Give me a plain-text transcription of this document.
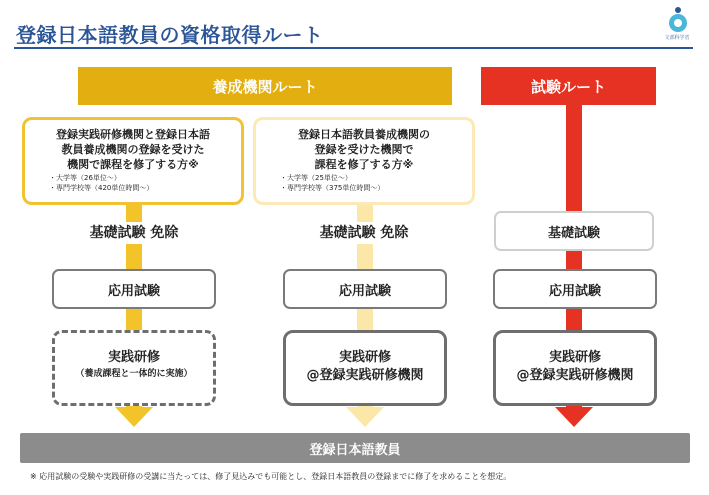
登録日本語教員の資格取得ルート	文部科学省
養成機関ルート	試験ルート
登録実践研修機関と登録日本語
教員養成機関の登録を受けた
機関で課程を修了する方※
・大学等（26単位〜）
・専門学校等（420単位時間〜）
登録日本語教員養成機関の
登録を受けた機関で
課程を修了する方※
・大学等（25単位〜）
・専門学校等（375単位時間〜）
基礎試験 免除	基礎試験 免除	基礎試験
応用試験	応用試験	応用試験
実践研修
（養成課程と一体的に実施）
実践研修
@登録実践研修機関
実践研修
@登録実践研修機関
登録日本語教員
※ 応用試験の受験や実践研修の受講に当たっては、修了見込みでも可能とし、登録日本語教員の登録までに修了を求めることを想定。
